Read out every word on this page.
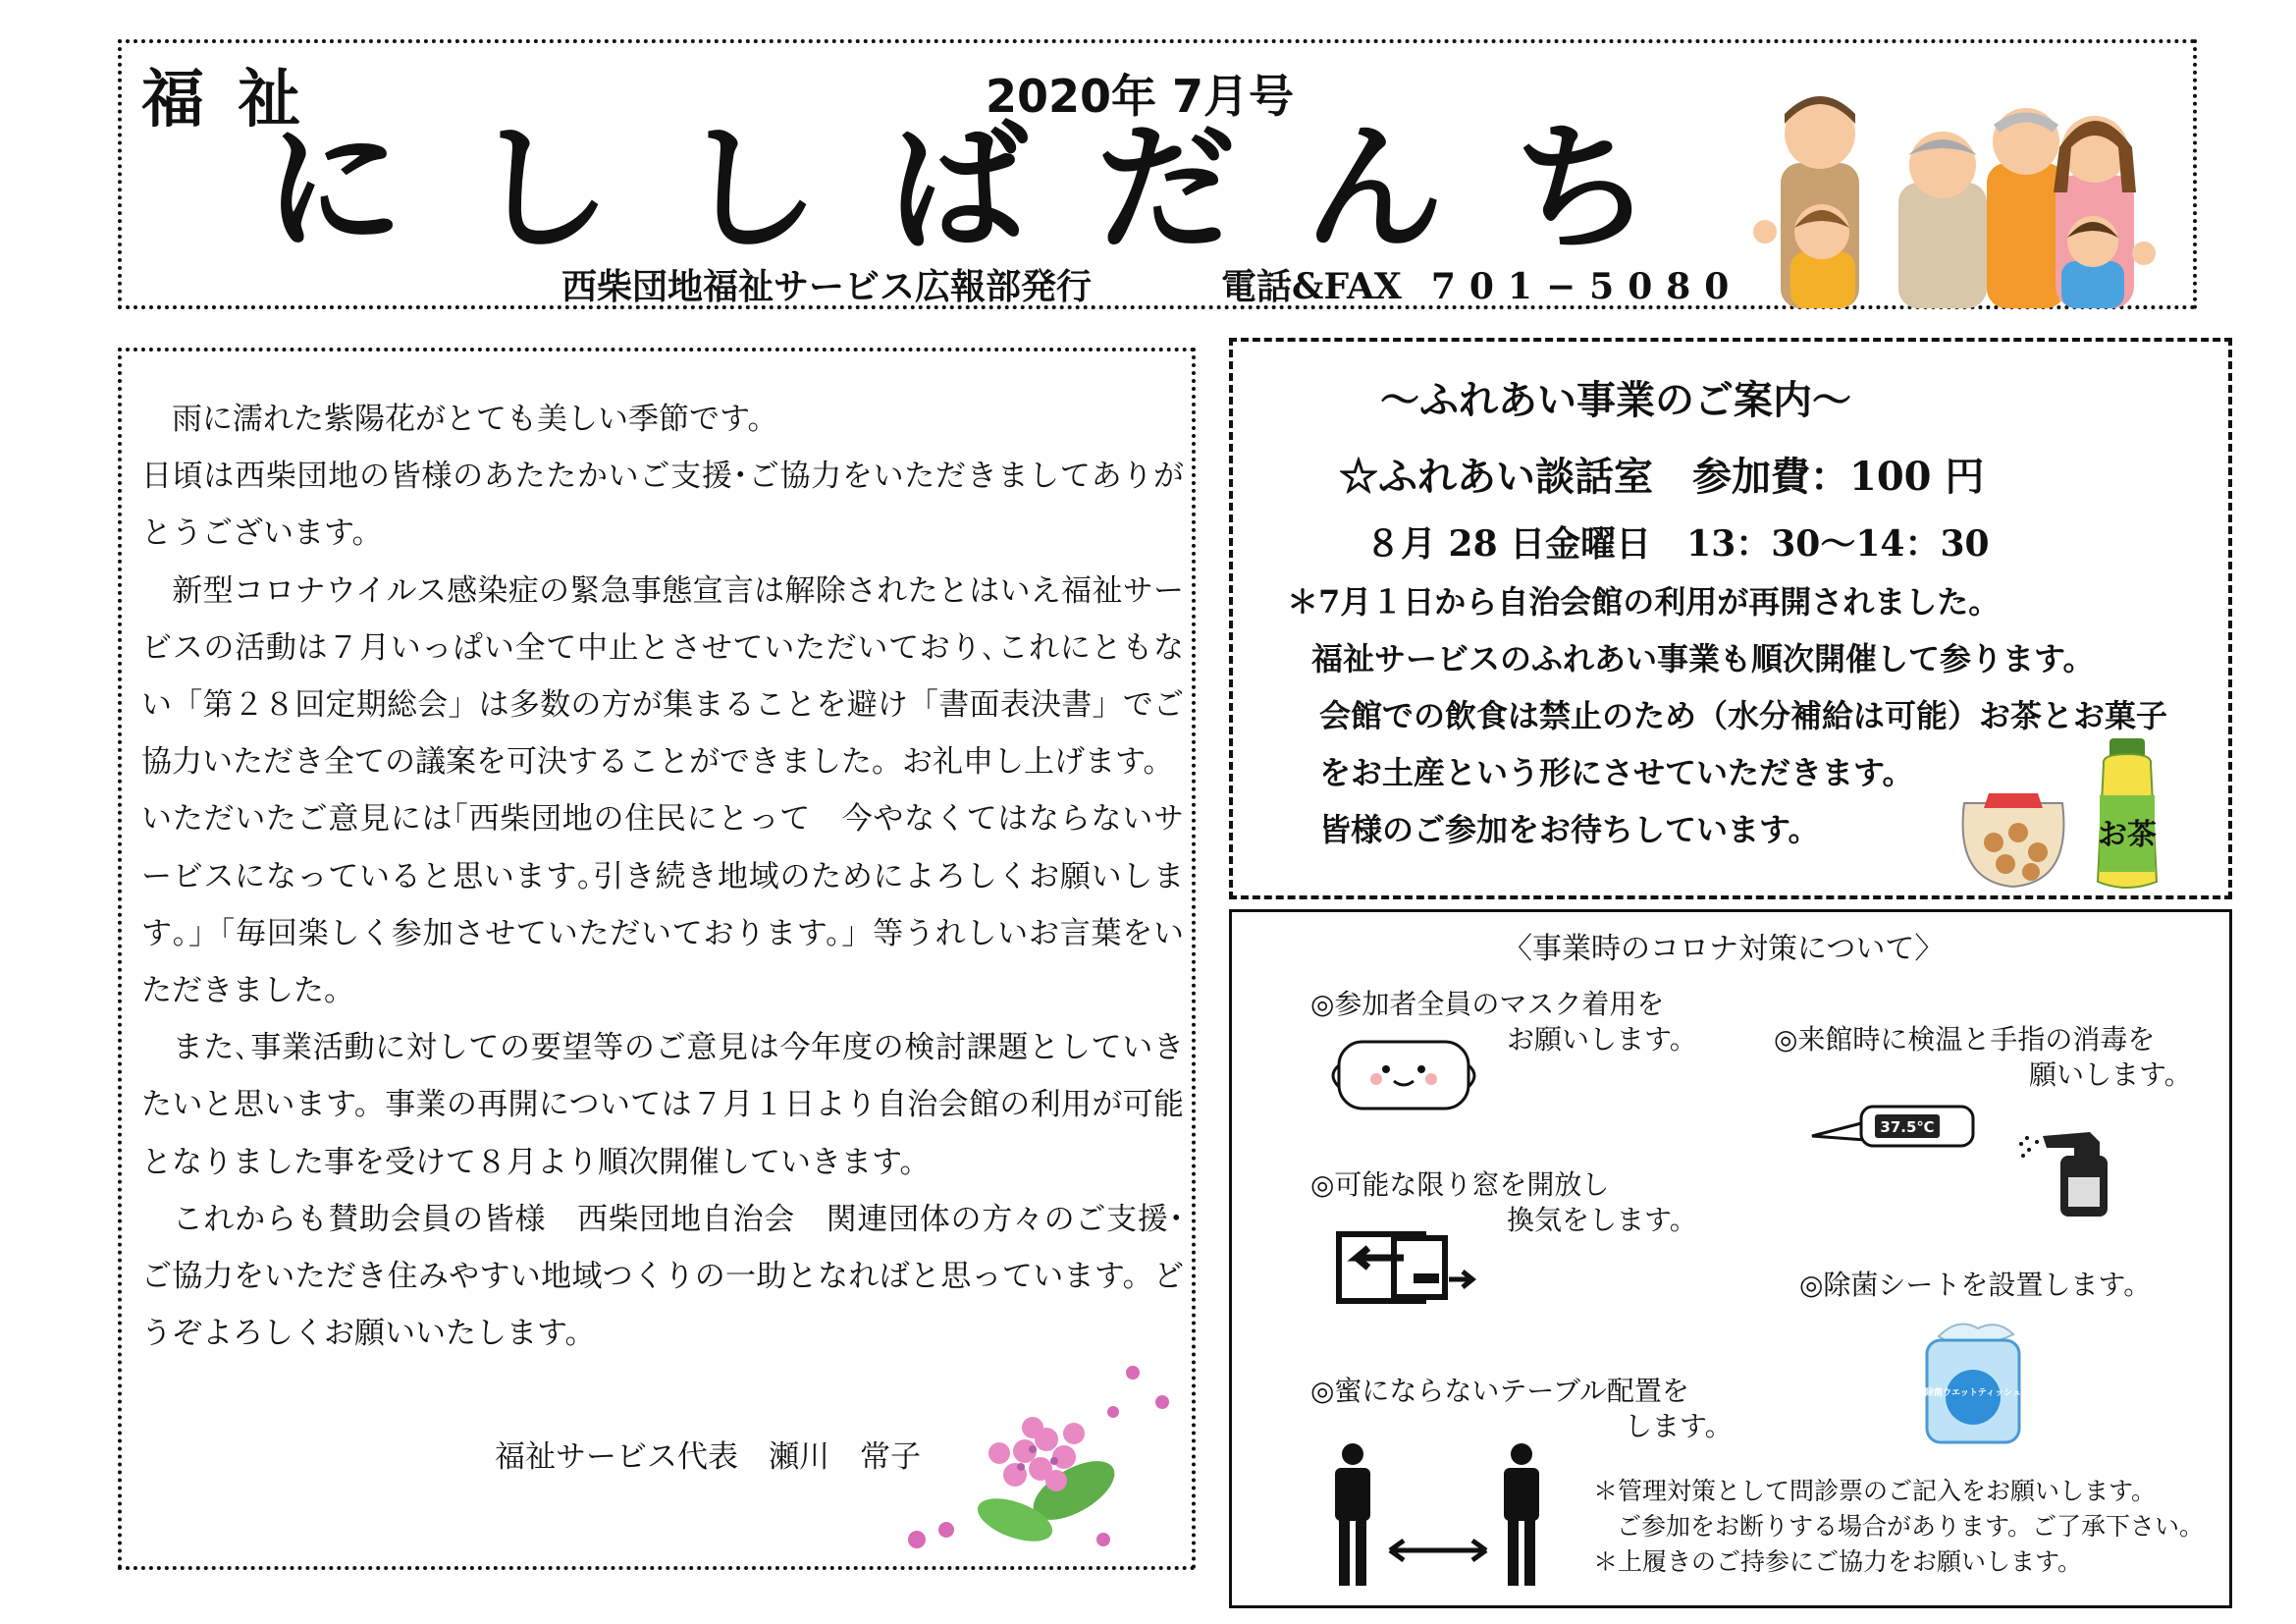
福祉	2020年 7月号
にししばだんち
西柴団地福祉サービス広報部発行	電話&FAX 701−5080

　雨に濡れた紫陽花がとても美しい季節です。

日頃は西柴団地の皆様のあたたかいご支援･ご協力をいただきましてありがとうございます。

　新型コロナウイルス感染症の緊急事態宣言は解除されたとはいえ福祉サービスの活動は７月いっぱい全て中止とさせていただいており､これにともない「第２８回定期総会」は多数の方が集まることを避け「書面表決書」でご協力いただき全ての議案を可決することができました。お礼申し上げます。

いただいたご意見には｢西柴団地の住民にとって　今やなくてはならないサービスになっていると思います｡引き続き地域のためによろしくお願いします｡」｢毎回楽しく参加させていただいております。」等うれしいお言葉をいただきました。

　また､事業活動に対しての要望等のご意見は今年度の検討課題としていきたいと思います。事業の再開については７月１日より自治会館の利用が可能となりました事を受けて８月より順次開催していきます。

　これからも賛助会員の皆様　西柴団地自治会　関連団体の方々のご支援･ご協力をいただき住みやすい地域つくりの一助となればと思っています。どうぞよろしくお願いいたします。

福祉サービス代表　瀬川　常子
～ふれあい事業のご案内～
☆ふれあい談話室　参加費：100 円
８月 28 日金曜日　13：30～14：30
＊7月１日から自治会館の利用が再開されました。
福祉サービスのふれあい事業も順次開催して参ります。
会館での飲食は禁止のため（水分補給は可能）お茶とお菓子
をお土産という形にさせていただきます。
皆様のご参加をお待ちしています。	お茶
〈事業時のコロナ対策について〉
◎参加者全員のマスク着用を
お願いします。	◎来館時に検温と手指の消毒を
願いします。
37.5℃
◎可能な限り窓を開放し
換気をします。
◎除菌シートを設置します。
除菌ウエットティッシュ
◎蜜にならないテーブル配置を
します。
＊管理対策として問診票のご記入をお願いします。
ご参加をお断りする場合があります。ご了承下さい。
＊上履きのご持参にご協力をお願いします。
